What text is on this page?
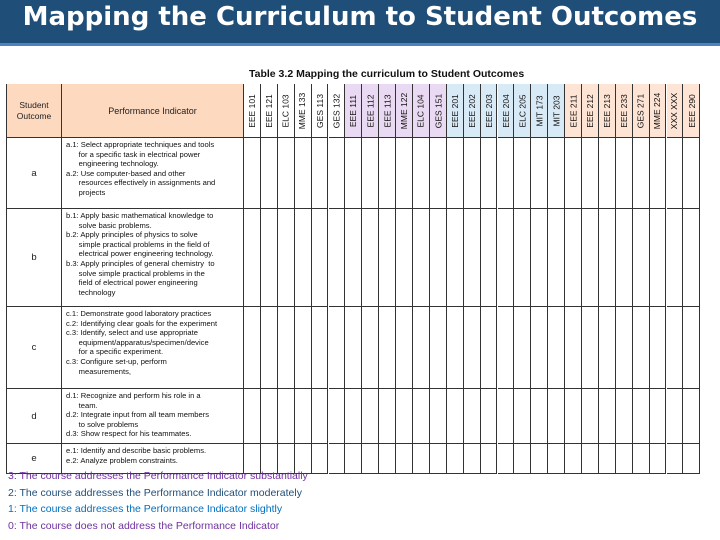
Mapping the Curriculum to Student Outcomes
Table 3.2 Mapping the curriculum to Student Outcomes
Student Outcome	Performance Indicator	EEE 101 EEE 121 ELC 103 MME 133 GES 113 GES 132 EEE 111 EEE 112 EEE 113 MME 122 ELC 104 GES 151 EEE 201 EEE 202 EEE 203 EEE 204 ELC 205 MIT 173 MIT 203 EEE 211 EEE 212 EEE 213 EEE 233 GES 271 MME 224 XXX XXX EEE 290
a
a.1: Select appropriate techniques and tools
for a specific task in electrical power
engineering technology.
a.2: Use computer-based and other
resources effectively in assignments and
projects
b
b.1: Apply basic mathematical knowledge to
solve basic problems.
b.2: Apply principles of physics to solve
simple practical problems in the field of
electrical power engineering technology.
b.3: Apply principles of general chemistry  to
solve simple practical problems in the
field of electrical power engineering
technology
c
c.1: Demonstrate good laboratory practices
c.2: Identifying clear goals for the experiment
c.3: Identify, select and use appropriate
equipment/apparatus/specimen/device
for a specific experiment.
c.3: Configure set-up, perform
measurements,
d
d.1: Recognize and perform his role in a
team.
d.2: Integrate input from all team members
to solve problems
d.3: Show respect for his teammates.
e
e.1: Identify and describe basic problems.
e.2: Analyze problem constraints.
3: The course addresses the Performance Indicator substantially
2: The course addresses the Performance Indicator moderately
1: The course addresses the Performance Indicator slightly
0: The course does not address the Performance Indicator
